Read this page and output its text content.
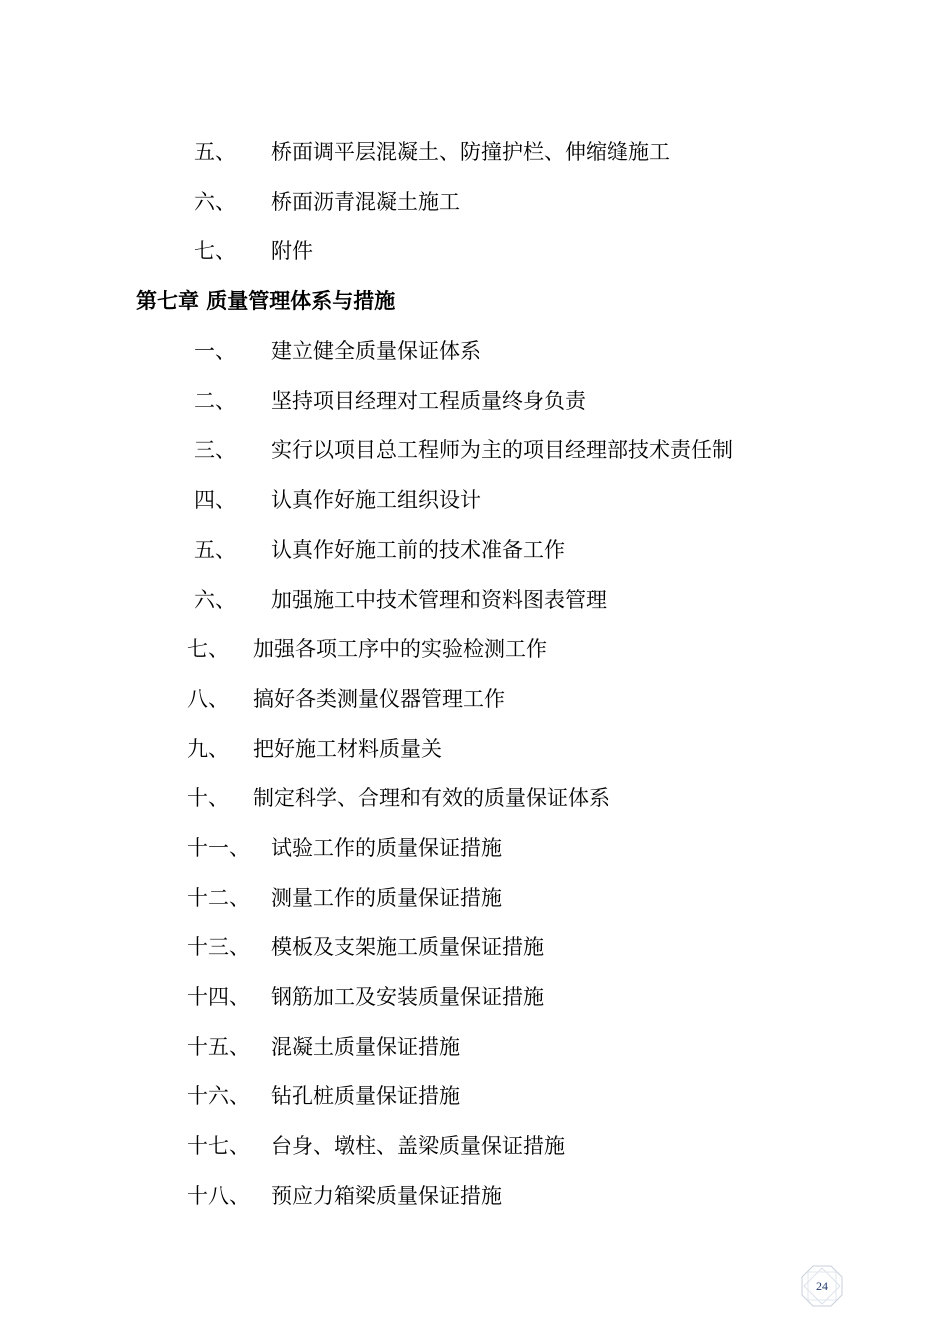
五、 桥面调平层混凝土、防撞护栏、伸缩缝施工
六、 桥面沥青混凝土施工
七、 附件
第七章 质量管理体系与措施
一、 建立健全质量保证体系
二、 坚持项目经理对工程质量终身负责
三、 实行以项目总工程师为主的项目经理部技术责任制
四、 认真作好施工组织设计
五、 认真作好施工前的技术准备工作
六、 加强施工中技术管理和资料图表管理
七、 加强各项工序中的实验检测工作
八、 搞好各类测量仪器管理工作
九、 把好施工材料质量关
十、 制定科学、合理和有效的质量保证体系
十一、 试验工作的质量保证措施
十二、 测量工作的质量保证措施
十三、 模板及支架施工质量保证措施
十四、 钢筋加工及安装质量保证措施
十五、 混凝土质量保证措施
十六、 钻孔桩质量保证措施
十七、 台身、墩柱、盖梁质量保证措施
十八、 预应力箱梁质量保证措施
24
